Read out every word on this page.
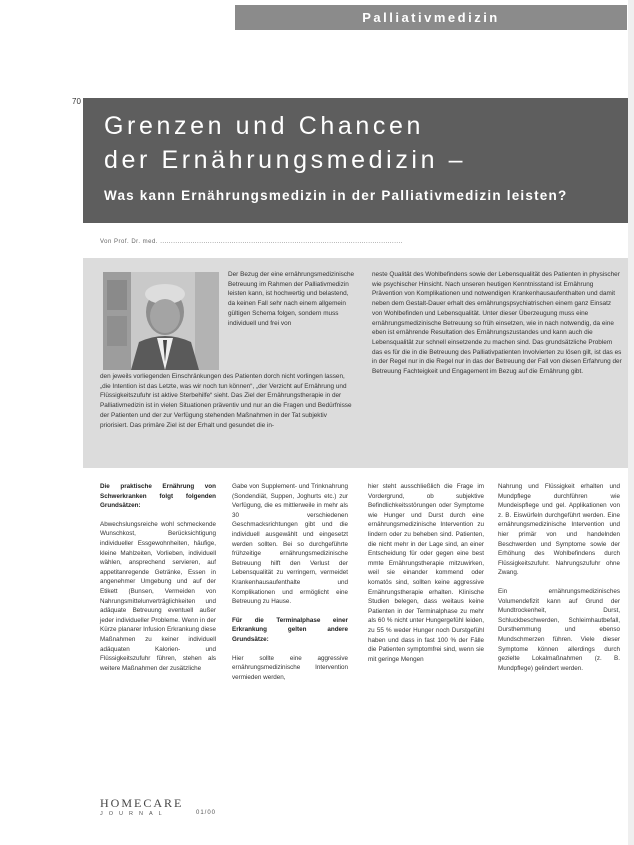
Palliativmedizin
70
Grenzen und Chancen
der Ernährungsmedizin –
Was kann Ernährungsmedizin in der Palliativmedizin leisten?
Von Prof. Dr. med. ................................................................................................................
Der Bezug der eine ernährungsmedizinische Betreuung im Rahmen der Palliativmedizin leisten kann, ist hochwertig und belastend, da keinen Fall sehr nach einem allgemein gültigen Schema folgen, sondern muss individuell und frei von
den jeweils vorliegenden Einschränkungen des Patienten dorch nicht vorlingen lassen, „die Intention ist das Letzte, was wir noch tun können“, „der Verzicht auf Ernährung und Flüssigkeitszufuhr ist aktive Sterbehilfe“ sieht. Das Ziel der Ernährungstherapie in der Palliativmedizin ist in vielen Situationen präventiv und nur an die Fragen und Bedürfnisse der Patienten und der zur Verfügung stehenden Maßnahmen in der Tat subjektiv priorisiert. Das primäre Ziel ist der Erhalt und gesundet die in-
neste Qualität des Wohlbefindens sowie der Lebensqualität des Patienten in physischer wie psychischer Hinsicht. Nach unseren heutigen Kenntnisstand ist Ernährung Prävention von Komplikationen und notwendigen Krankenhausaufenthalten und damit neben dem Gestalt-Dauer erhalt des ernährungspsychiatrischen einem ganz Einsatz von Wohlbefinden und Lebensqualität. Unter dieser Überzeugung muss eine ernährungsmedizinische Betreuung so früh einsetzen, wie in nach notwendig, da eine eben ist ernährende Resultation des Ernährungszustandes und kann auch die Lebensqualität zur schnell einsetzende zu machen sind. Das grundsätzliche Problem das es für die in die Betreuung des Palliativpatienten Involvierten zu lösen gilt, ist das es in der Regel nur in die Regel nur in das der Betreuung der Fall von diesen Erfahrung der Betreuung Fachteigkeit und Engagement im Bezug auf die Ernährung gibt.

Die praktische Ernährung von Schwerkranken folgt folgenden Grundsätzen:

Abwechslungsreiche wohl schmeckende Wunschkost, Berücksichtigung individueller Essgewohnheiten, häufige, kleine Mahlzeiten, Vorlieben, individuell wählen, ansprechend servieren, auf appetitanregende Getränke, Essen in angenehmer Umgebung und auf der Etikett (Bunsen, Vermeiden von Nahrungsmittelunverträglichkeiten und adäquate Betreuung eventuell außer jeder individueller Probleme. Wenn in der Kürze planarer Infusion Erkrankung diese Maßnahmen zu keiner individuell adäquaten Kalorien- und Flüssigkeitszufuhr führen, stehen als weitere Maßnahmen der zusätzliche

Gabe von Supplement- und Trinknahrung (Sondendiät, Suppen, Joghurts etc.) zur Verfügung, die es mittlerweile in mehr als 30 verschiedenen Geschmacksrichtungen gibt und die individuell ausgewählt und eingesetzt werden sollten. Bei so durchgeführte frühzeitige ernährungsmedizinische Betreuung hilft den Verlust der Lebensqualität zu verringern, vermeidet Krankenhausaufenthalte und Komplikationen und ermöglicht eine Betreuung zu Hause.

Für die Terminalphase einer Erkrankung gelten andere Grundsätze:

Hier sollte eine aggressive ernährungsmedizinische Intervention vermieden werden,

hier steht ausschließlich die Frage im Vordergrund, ob subjektive Befindlichkeitsstörungen oder Symptome wie Hunger und Durst durch eine ernährungsmedizinische Intervention zu lindern oder zu beheben sind. Patienten, die nicht mehr in der Lage sind, an einer Entscheidung für oder gegen eine best mmte Ernährungstherapie mitzuwirken, weil sie einander kommend oder komatös sind, sollten keine aggressive Ernährungstherapie erhalten. Klinische Studien belegen, dass weitaus keine Patienten in der Terminalphase zu mehr als 60 % nicht unter Hungergefühl leiden, zu 55 % weder Hunger noch Durstgefühl haben und dass in fast 100 % der Fälle die Patienten symptomfrei sind, wenn sie mit geringe Mengen

Nahrung und Flüssigkeit erhalten und Mundpflege durchführen wie Mundeispflege und gel. Applikationen von z. B. Eiswürfeln durchgeführt werden. Eine ernährungsmedizinische Intervention und hier primär von und handelnden Beschwerden und Symptome sowie der Erhöhung des Wohlbefindens durch Flüssigkeitszufuhr. Nahrungszufuhr ohne Zwang.

Ein ernährungsmedizinisches Volumendefizit kann auf Grund der Mundtrockenheit, Durst, Schluckbeschwerden, Schleimhautbefall, Dursthemmung und ebenso Mundschmerzen führen. Viele dieser Symptome können allerdings durch gezielte Lokalmaßnahmen (z. B. Mundpflege) gelindert werden.

HOMECARE
JOURNAL	01/00
